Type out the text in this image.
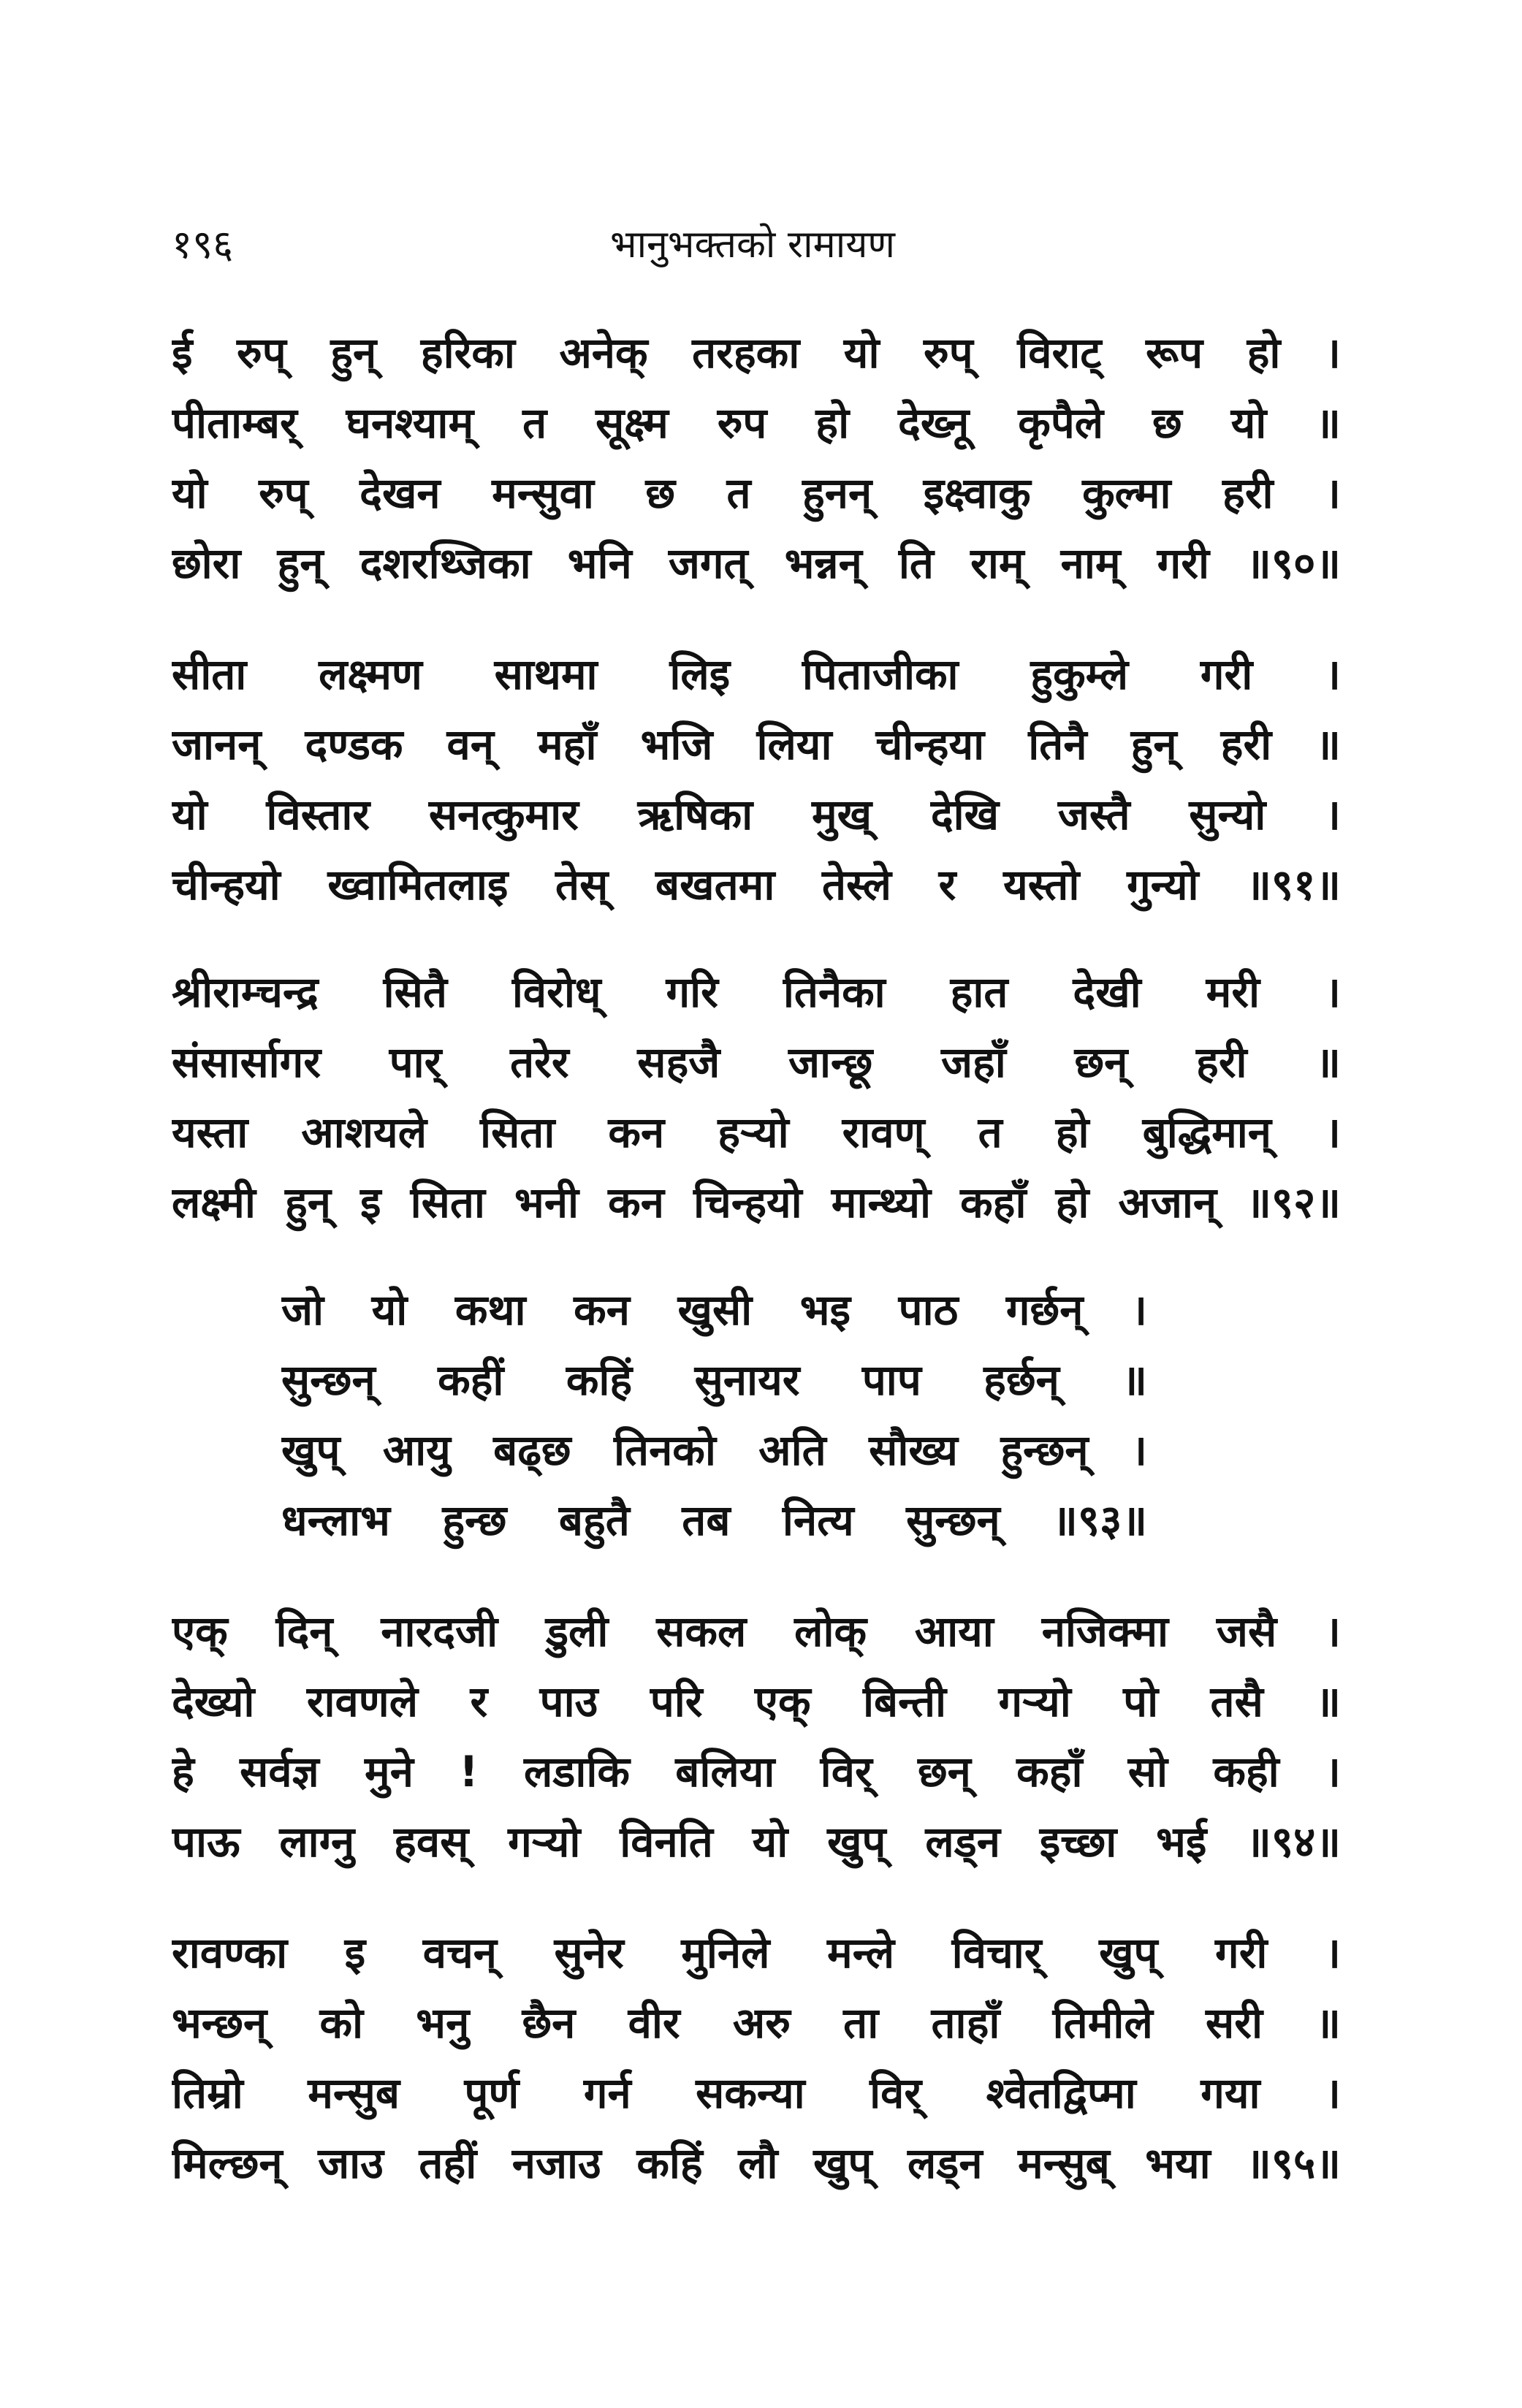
१९६	भानुभक्तको रामायण
ई रुप् हुन् हरिका अनेक् तरहका यो रुप् विराट् रूप हो ।
पीताम्बर् घनश्याम् त सूक्ष्म रुप हो देख्नू कृपैले छ यो ॥
यो रुप् देखन मन्सुवा छ त हुनन् इक्ष्वाकु कुल्मा हरी ।
छोरा हुन् दशरथ्जिका भनि जगत् भन्नन् ति राम् नाम् गरी ॥९०॥
सीता लक्ष्मण साथमा लिइ पिताजीका हुकुम्ले गरी ।
जानन् दण्डक वन् महाँ भजि लिया चीन्हया तिनै हुन् हरी ॥
यो विस्तार सनत्कुमार ऋषिका मुख् देखि जस्तै सुन्यो ।
चीन्हयो ख्वामितलाइ तेस् बखतमा तेस्ले र यस्तो गुन्यो ॥९१॥
श्रीराम्चन्द्र सितै विरोध् गरि तिनैका हात देखी मरी ।
संसार्सागर पार् तरेर सहजै जान्छू जहाँ छन् हरी ॥
यस्ता आशयले सिता कन हर्‍यो रावण् त हो बुद्धिमान् ।
लक्ष्मी हुन् इ सिता भनी कन चिन्हयो मान्थ्यो कहाँ हो अजान् ॥९२॥
जो यो कथा कन खुसी भइ पाठ गर्छन् ।
सुन्छन् कहीं कहिं सुनायर पाप हर्छन् ॥
खुप् आयु बढ्छ तिनको अति सौख्य हुन्छन् ।
धन्लाभ हुन्छ बहुतै तब नित्य सुन्छन् ॥९३॥
एक् दिन् नारदजी डुली सकल लोक् आया नजिक्मा जसै ।
देख्यो रावणले र पाउ परि एक् बिन्ती गर्‍यो पो तसै ॥
हे सर्वज्ञ मुने ! लडाकि बलिया विर् छन् कहाँ सो कही ।
पाऊ लाग्नु हवस् गर्‍यो विनति यो खुप् लड्न इच्छा भई ॥९४॥
रावण्का इ वचन् सुनेर मुनिले मन्ले विचार् खुप् गरी ।
भन्छन् को भनु छैन वीर अरु ता ताहाँ तिमीले सरी ॥
तिम्रो मन्सुब पूर्ण गर्न सकन्या विर् श्वेतद्विप्मा गया ।
मिल्छन् जाउ तहीं नजाउ कहिं लौ खुप् लड्न मन्सुब् भया ॥९५॥
